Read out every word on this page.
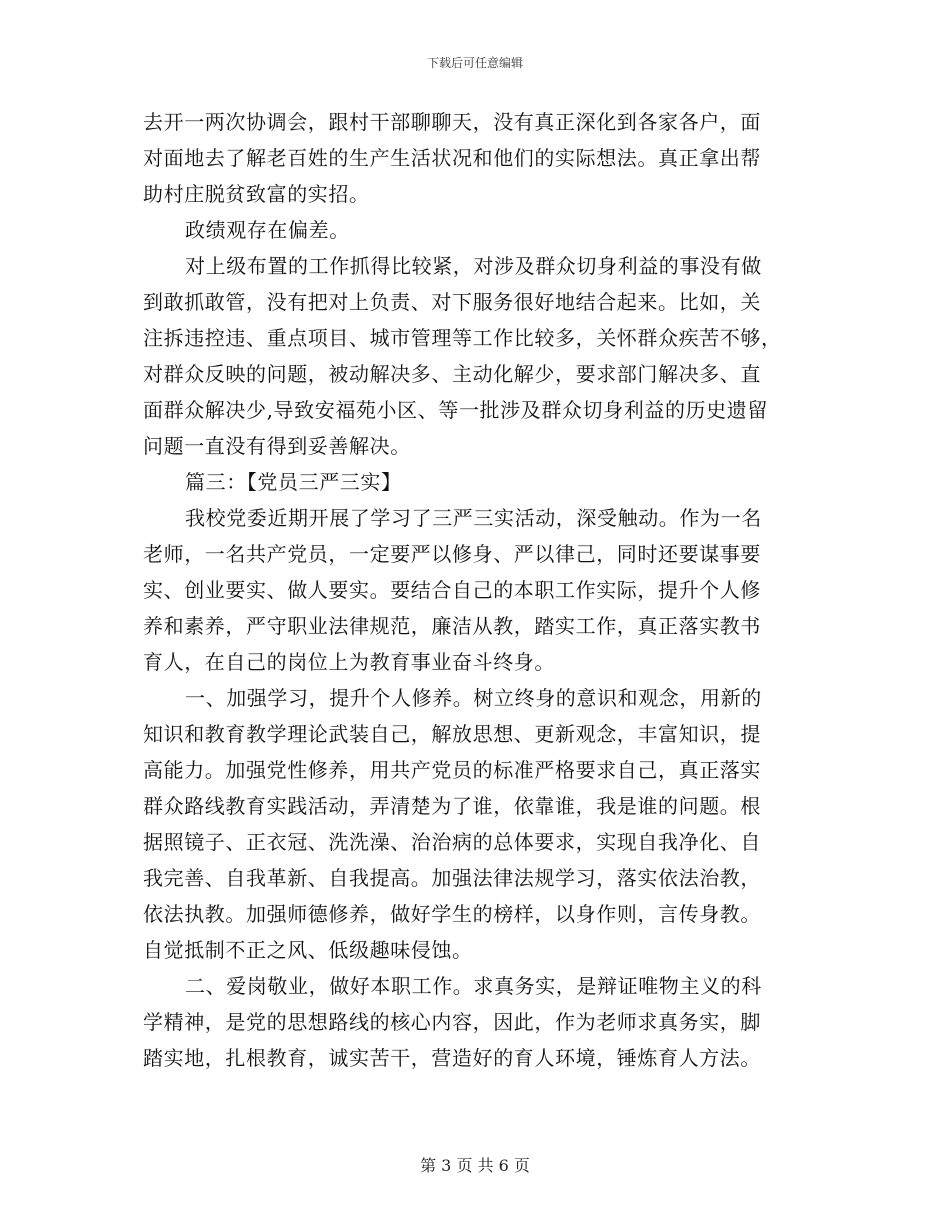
下载后可任意编辑
去开一两次协调会，跟村干部聊聊天，没有真正深化到各家各户，面
对面地去了解老百姓的生产生活状况和他们的实际想法。真正拿出帮
助村庄脱贫致富的实招。
政绩观存在偏差。
对上级布置的工作抓得比较紧，对涉及群众切身利益的事没有做
到敢抓敢管，没有把对上负责、对下服务很好地结合起来。比如，关
注拆违控违、重点项目、城市管理等工作比较多，关怀群众疾苦不够，
对群众反映的问题，被动解决多、主动化解少，要求部门解决多、直
面群众解决少,导致安福苑小区、等一批涉及群众切身利益的历史遗留
问题一直没有得到妥善解决。
篇三：【党员三严三实】
我校党委近期开展了学习了三严三实活动，深受触动。作为一名
老师，一名共产党员，一定要严以修身、严以律己，同时还要谋事要
实、创业要实、做人要实。要结合自己的本职工作实际，提升个人修
养和素养，严守职业法律规范，廉洁从教，踏实工作，真正落实教书
育人，在自己的岗位上为教育事业奋斗终身。
一、加强学习，提升个人修养。树立终身的意识和观念，用新的
知识和教育教学理论武装自己，解放思想、更新观念，丰富知识，提
高能力。加强党性修养，用共产党员的标准严格要求自己，真正落实
群众路线教育实践活动，弄清楚为了谁，依靠谁，我是谁的问题。根
据照镜子、正衣冠、洗洗澡、治治病的总体要求，实现自我净化、自
我完善、自我革新、自我提高。加强法律法规学习，落实依法治教，
依法执教。加强师德修养，做好学生的榜样，以身作则，言传身教。
自觉抵制不正之风、低级趣味侵蚀。
二、爱岗敬业，做好本职工作。求真务实，是辩证唯物主义的科
学精神，是党的思想路线的核心内容，因此，作为老师求真务实，脚
踏实地，扎根教育，诚实苦干，营造好的育人环境，锤炼育人方法。
第 3 页 共 6 页
